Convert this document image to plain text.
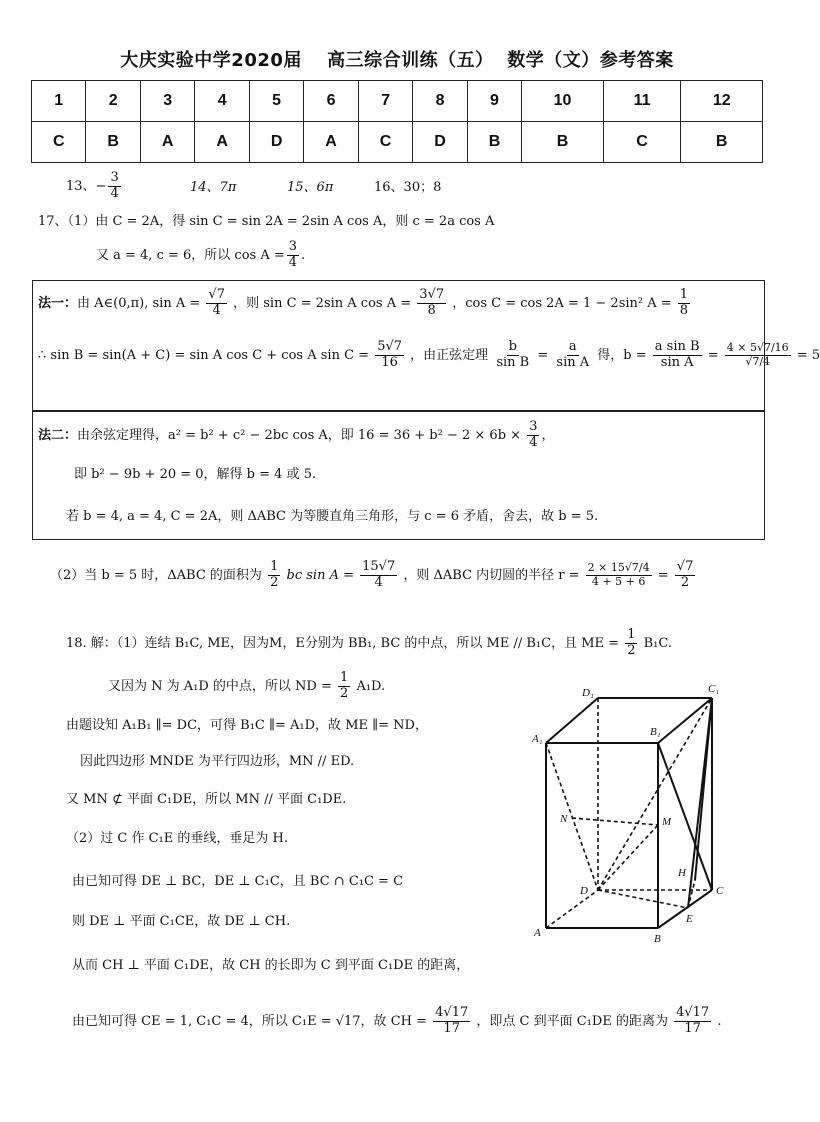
大庆实验中学2020届　 高三综合训练（五）  数学（文）参考答案
1	2	3	4	5	6	7	8	9	10	11	12
C	B	A	A	D	A	C	D	B	B	C	B
13、− $\frac{3}{4}$	14、7π	15、6π	16、30；8
17、（1）由 C = 2A，得 sin C = sin 2A = 2sin A cos A，则 c = 2a cos A
又 a = 4, c = 6，所以 $\cos A = \frac{3}{4}$ .
法一：由 A∈(0,π), $\sin A = \frac{√7}{4}$ ，则 sin C = 2sin A $\cos A = \frac{3√7}{8}$ ，cos C = cos 2A = 1 − 2sin² $A = \frac{1}{8}$
∴ sin B = sin(A + C) = sin A cos C + cos A $\sin C = \frac{5√7}{16}$ ，由正弦定理 $\frac{b}{\text{sin B}} = \frac{a}{\text{sin A}}$ 得，$b = \frac{\text{a sin B}}{\text{sin A}} = \frac{4 \times 5√7/16}{√7/4} = 5$
法二：由余弦定理得，a² = b² + c² − 2bc cos A，即 $16 = 36 + b^2 - 2 \times 6b \times \frac{3}{4}$ ，
即 b² − 9b + 20 = 0，解得 b = 4 或 5.
若 b = 4, a = 4, C = 2A，则 ΔABC 为等腰直角三角形，与 c = 6 矛盾，舍去，故 b = 5.
（2）当 b = 5 时，ΔABC 的面积为 $\frac{1}{2}$ bc $\sin A = \frac{15√7}{4}$ ，则 ΔABC 内切圆的半径 $r = \frac{2 \times 15√7/4}{4 + 5 + 6} = \frac{√7}{2}$
18. 解：（1）连结 B₁C, ME，因为M，E分别为 BB₁, BC 的中点，所以 ME // B₁C，且 ME = $\frac{1}{2} B_1C$.
又因为 N 为 A₁D 的中点，所以 ND = $\frac{1}{2} A_1D$.
由题设知 A₁B₁ ∥= DC，可得 B₁C ∥= A₁D，故 ME ∥= ND，
因此四边形 MNDE 为平行四边形，MN // ED.
又 MN ⊄ 平面 C₁DE，所以 MN // 平面 C₁DE.
（2）过 C 作 C₁E 的垂线，垂足为 H.
由已知可得 DE ⊥ BC，DE ⊥ C₁C，且 BC ∩ C₁C = C
则 DE ⊥ 平面 C₁CE，故 DE ⊥ CH.
从而 CH ⊥ 平面 C₁DE，故 CH 的长即为 C 到平面 C₁DE 的距离，
由已知可得 CE = 1, C₁C = 4，所以 C₁E = √17，故 CH = $\frac{4√17}{17}$ ，即点 C 到平面 C₁DE 的距离为 $\frac{4√17}{17}$ .
D₁	C₁
A₁
B₁
N	M
H
D	C
E
A	B
